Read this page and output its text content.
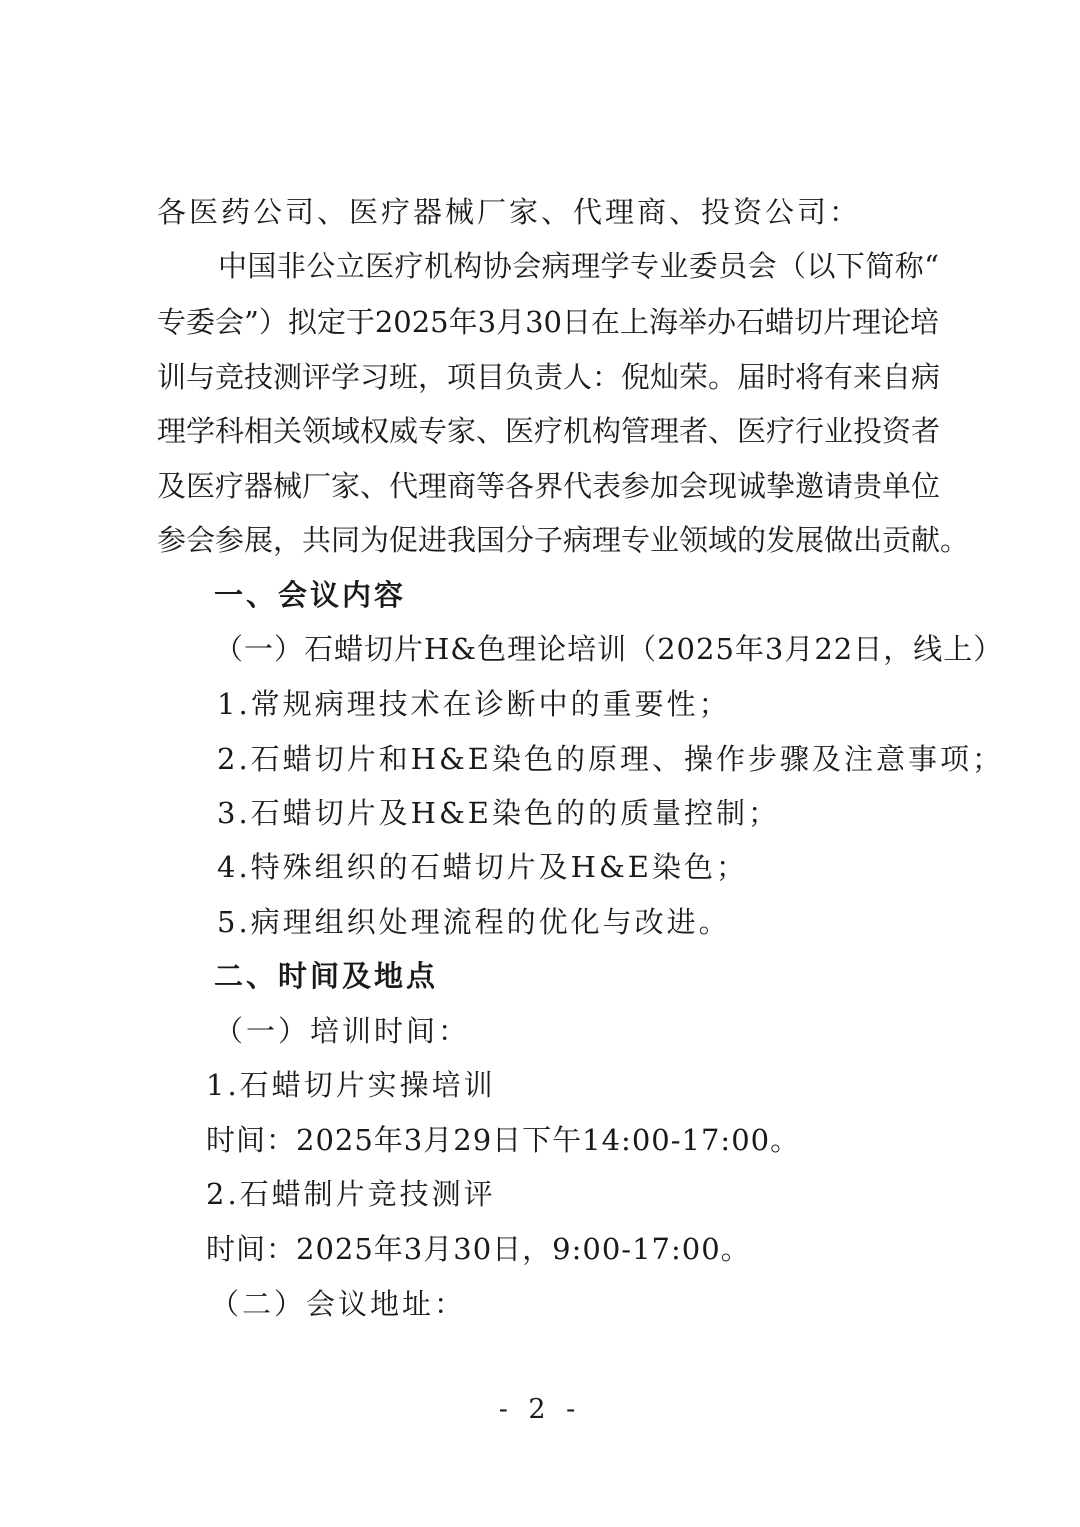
各医药公司、医疗器械厂家、代理商、投资公司：
中国非公立医疗机构协会病理学专业委员会（以下简称“
专委会”）拟定于2025年3月30日在上海举办石蜡切片理论培
训与竞技测评学习班，项目负责人：倪灿荣。届时将有来自病
理学科相关领域权威专家、医疗机构管理者、医疗行业投资者
及医疗器械厂家、代理商等各界代表参加会现诚挚邀请贵单位
参会参展，共同为促进我国分子病理专业领域的发展做出贡献。
一、会议内容
（一）石蜡切片H&色理论培训（2025年3月22日，线上）
1.常规病理技术在诊断中的重要性；
2.石蜡切片和H&E染色的原理、操作步骤及注意事项；
3.石蜡切片及H&E染色的的质量控制；
4.特殊组织的石蜡切片及H&E染色；
5.病理组织处理流程的优化与改进。
二、时间及地点
（一）培训时间：
1.石蜡切片实操培训
时间：2025年3月29日下午14:00-17:00。
2.石蜡制片竞技测评
时间：2025年3月30日，9:00-17:00。
（二）会议地址：
- 2 -
